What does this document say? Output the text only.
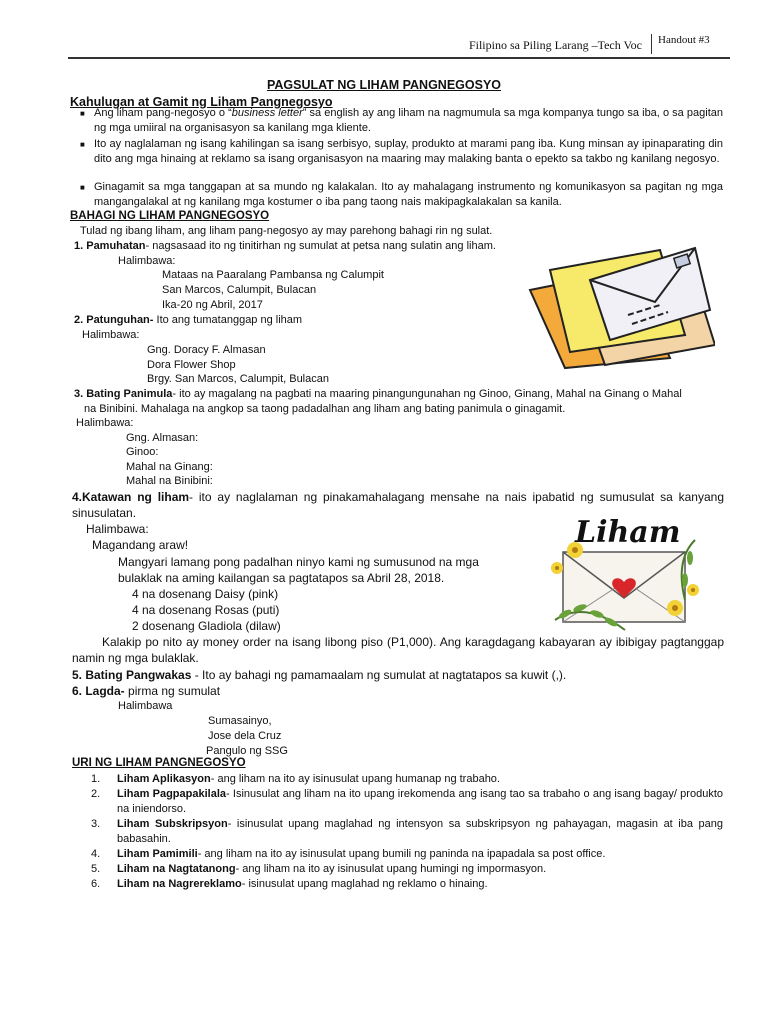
Filipino sa Piling Larang –Tech Voc	Handout #3
PAGSULAT NG LIHAM PANGNEGOSYO
Kahulugan at Gamit ng Liham Pangnegosyo
■ Ang liham pang-negosyo o “business letter” sa english ay ang liham na nagmumula sa mga kompanya tungo sa iba, o sa pagitan ng mga umiiral na organisasyon sa kanilang mga kliente.
■ Ito ay naglalaman ng isang kahilingan sa isang serbisyo, suplay, produkto at marami pang iba. Kung minsan ay ipinaparating din dito ang mga hinaing at reklamo sa isang organisasyon na maaring may malaking banta o epekto sa takbo ng kanilang negosyo.
■ Ginagamit sa mga tanggapan at sa mundo ng kalakalan. Ito ay mahalagang instrumento ng komunikasyon sa pagitan ng mga mangangalakal at ng kanilang mga kostumer o iba pang taong nais makipagkalakalan sa kanila.
BAHAGI NG LIHAM PANGNEGOSYO
Tulad ng ibang liham, ang liham pang-negosyo ay may parehong bahagi rin ng sulat.
1. Pamuhatan- nagsasaad ito ng tinitirhan ng sumulat at petsa nang sulatin ang liham.
Halimbawa:
Mataas na Paaralang Pambansa ng Calumpit
San Marcos, Calumpit, Bulacan
Ika-20 ng Abril, 2017
2. Patunguhan- Ito ang tumatanggap ng liham
Halimbawa:
Gng. Doracy F. Almasan
Dora Flower Shop
Brgy. San Marcos, Calumpit, Bulacan
3. Bating Panimula- ito ay magalang na pagbati na maaring pinangungunahan ng Ginoo, Ginang, Mahal na Ginang o Mahal
na Binibini. Mahalaga na angkop sa taong padadalhan ang liham ang bating panimula o ginagamit.
Halimbawa:
Gng. Almasan:
Ginoo:
Mahal na Ginang:
Mahal na Binibini:
4.Katawan ng liham- ito ay naglalaman ng pinakamahalagang mensahe na nais ipabatid ng sumusulat sa kanyang sinusulatan.
Halimbawa:
Magandang araw!
Mangyari lamang pong padalhan ninyo kami ng sumusunod na mga
bulaklak na aming kailangan sa pagtatapos sa Abril 28, 2018.
4 na dosenang Daisy (pink)
4 na dosenang Rosas (puti)
2 dosenang Gladiola (dilaw)
Kalakip po nito ay money order na isang libong piso (P1,000). Ang karagdagang kabayaran ay ibibigay pagtanggap namin ng mga bulaklak.
5. Bating Pangwakas - Ito ay bahagi ng pamamaalam ng sumulat at nagtatapos sa kuwit (,).
6. Lagda- pirma ng sumulat
Halimbawa
Sumasainyo,
Jose dela Cruz
Pangulo ng SSG
URI NG LIHAM PANGNEGOSYO
1. Liham Aplikasyon- ang liham na ito ay isinusulat upang humanap ng trabaho.
2. Liham Pagpapakilala- Isinusulat ang liham na ito upang irekomenda ang isang tao sa trabaho o ang isang bagay/ produkto na iniendorso.
3. Liham Subskripsyon- isinusulat upang maglahad ng intensyon sa subskripsyon ng pahayagan, magasin at iba pang babasahin.
4. Liham Pamimili- ang liham na ito ay isinusulat upang bumili ng paninda na ipapadala sa post office.
5. Liham na Nagtatanong- ang liham na ito ay isinusulat upang humingi ng impormasyon.
6. Liham na Nagrereklamo- isinusulat upang maglahad ng reklamo o hinaing.
Liham
